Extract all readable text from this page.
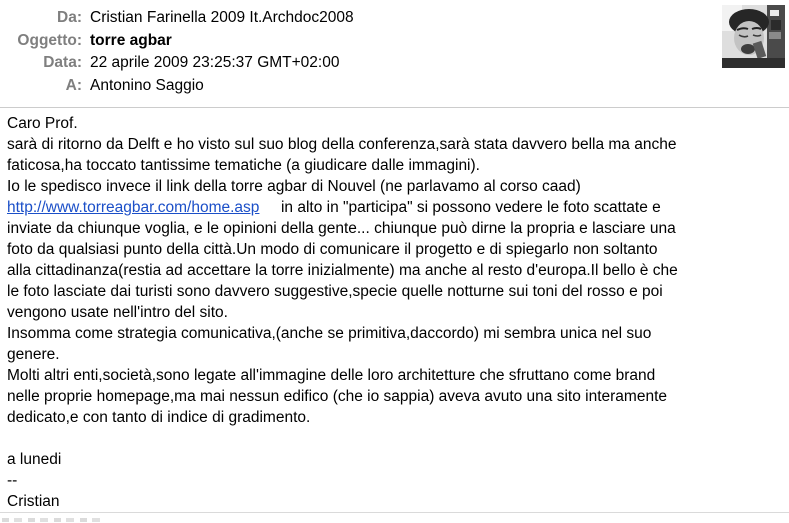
Da: Cristian Farinella 2009 It.Archdoc2008
Oggetto: torre agbar
Data: 22 aprile 2009 23:25:37 GMT+02:00
A: Antonino Saggio
Caro Prof.
sarà di ritorno da Delft e ho visto sul suo blog della conferenza,sarà stata davvero bella ma anche
faticosa,ha toccato tantissime tematiche (a giudicare dalle immagini).
Io le spedisco invece il link della torre agbar di Nouvel (ne parlavamo al corso caad)
http://www.torreagbar.com/home.asp     in alto in "participa" si possono vedere le foto scattate e
inviate da chiunque voglia, e le opinioni della gente... chiunque può dirne la propria e lasciare una
foto da qualsiasi punto della città.Un modo di comunicare il progetto e di spiegarlo non soltanto
alla cittadinanza(restia ad accettare la torre inizialmente) ma anche al resto d'europa.Il bello è che
le foto lasciate dai turisti sono davvero suggestive,specie quelle notturne sui toni del rosso e poi
vengono usate nell'intro del sito.
Insomma come strategia comunicativa,(anche se primitiva,daccordo) mi sembra unica nel suo
genere.
Molti altri enti,società,sono legate all'immagine delle loro architetture che sfruttano come brand
nelle proprie homepage,ma mai nessun edifico (che io sappia) aveva avuto una sito interamente
dedicato,e con tanto di indice di gradimento.
a lunedi
--
Cristian
